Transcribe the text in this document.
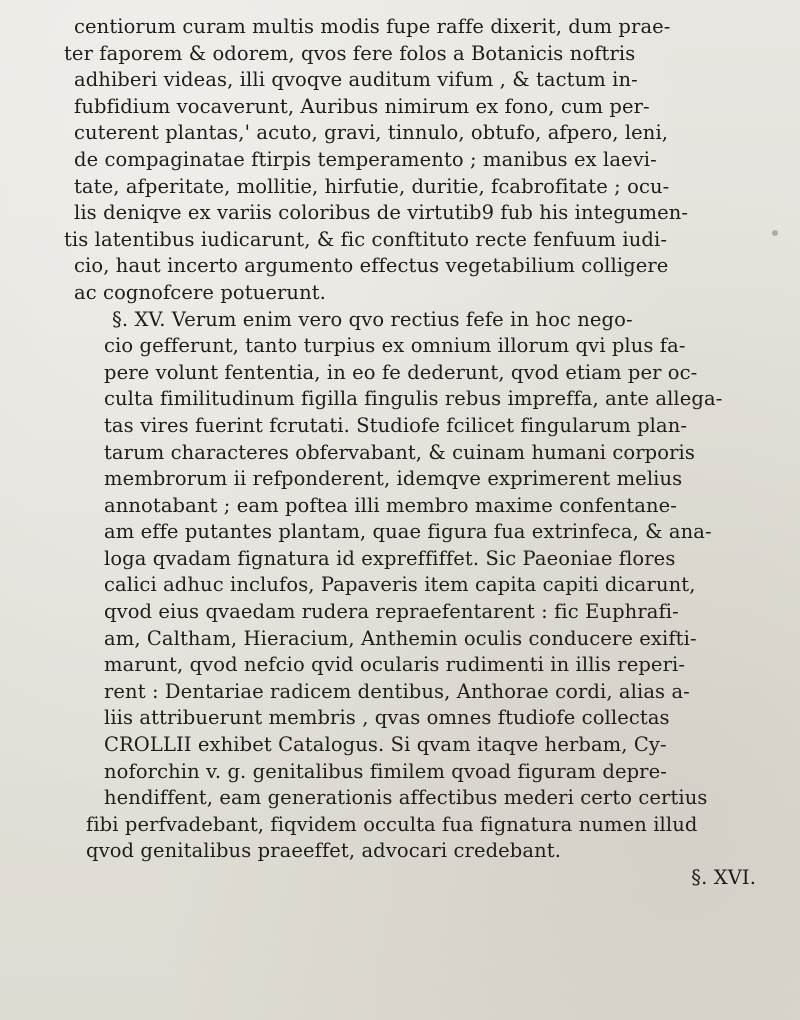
centiorum curam multis modis fupe raffe dixerit, dum prae-
ter faporem & odorem, qvos fere folos a Botanicis noftris
adhiberi videas, illi qvoqve auditum vifum , & tactum in-
fubfidium vocaverunt, Auribus nimirum ex fono, cum per-
cuterent plantas,' acuto, gravi, tinnulo, obtufo, afpero, leni,
de compaginatae ftirpis temperamento ; manibus ex laevi-
tate, afperitate, mollitie, hirfutie, duritie, fcabrofitate ; ocu-
lis deniqve ex variis coloribus de virtutib9 fub his integumen-
tis latentibus iudicarunt, & fic conftituto recte fenfuum iudi-
cio, haut incerto argumento effectus vegetabilium colligere
ac cognofcere potuerunt.
§. XV. Verum enim vero qvo rectius fefe in hoc nego-
cio gefferunt, tanto turpius ex omnium illorum qvi plus fa-
pere volunt fententia, in eo fe dederunt, qvod etiam per oc-
culta fimilitudinum figilla fingulis rebus impreffa, ante allega-
tas vires fuerint fcrutati. Studiofe fcilicet fingularum plan-
tarum characteres obfervabant, & cuinam humani corporis
membrorum ii refponderent, idemqve exprimerent melius
annotabant ; eam poftea illi membro maxime confentane-
am effe putantes plantam, quae figura fua extrinfeca, & ana-
loga qvadam fignatura id expreffiffet. Sic Paeoniae flores
calici adhuc inclufos, Papaveris item capita capiti dicarunt,
qvod eius qvaedam rudera repraefentarent : fic Euphrafi-
am, Caltham, Hieracium, Anthemin oculis conducere exifti-
marunt, qvod nefcio qvid ocularis rudimenti in illis reperi-
rent : Dentariae radicem dentibus, Anthorae cordi, alias a-
liis attribuerunt membris , qvas omnes ftudiofe collectas
CROLLII exhibet Catalogus. Si qvam itaqve herbam, Cy-
noforchin v. g. genitalibus fimilem qvoad figuram depre-
hendiffent, eam generationis affectibus mederi certo certius
fibi perfvadebant, fiqvidem occulta fua fignatura numen illud
qvod genitalibus praeeffet, advocari credebant.
§. XVI.
